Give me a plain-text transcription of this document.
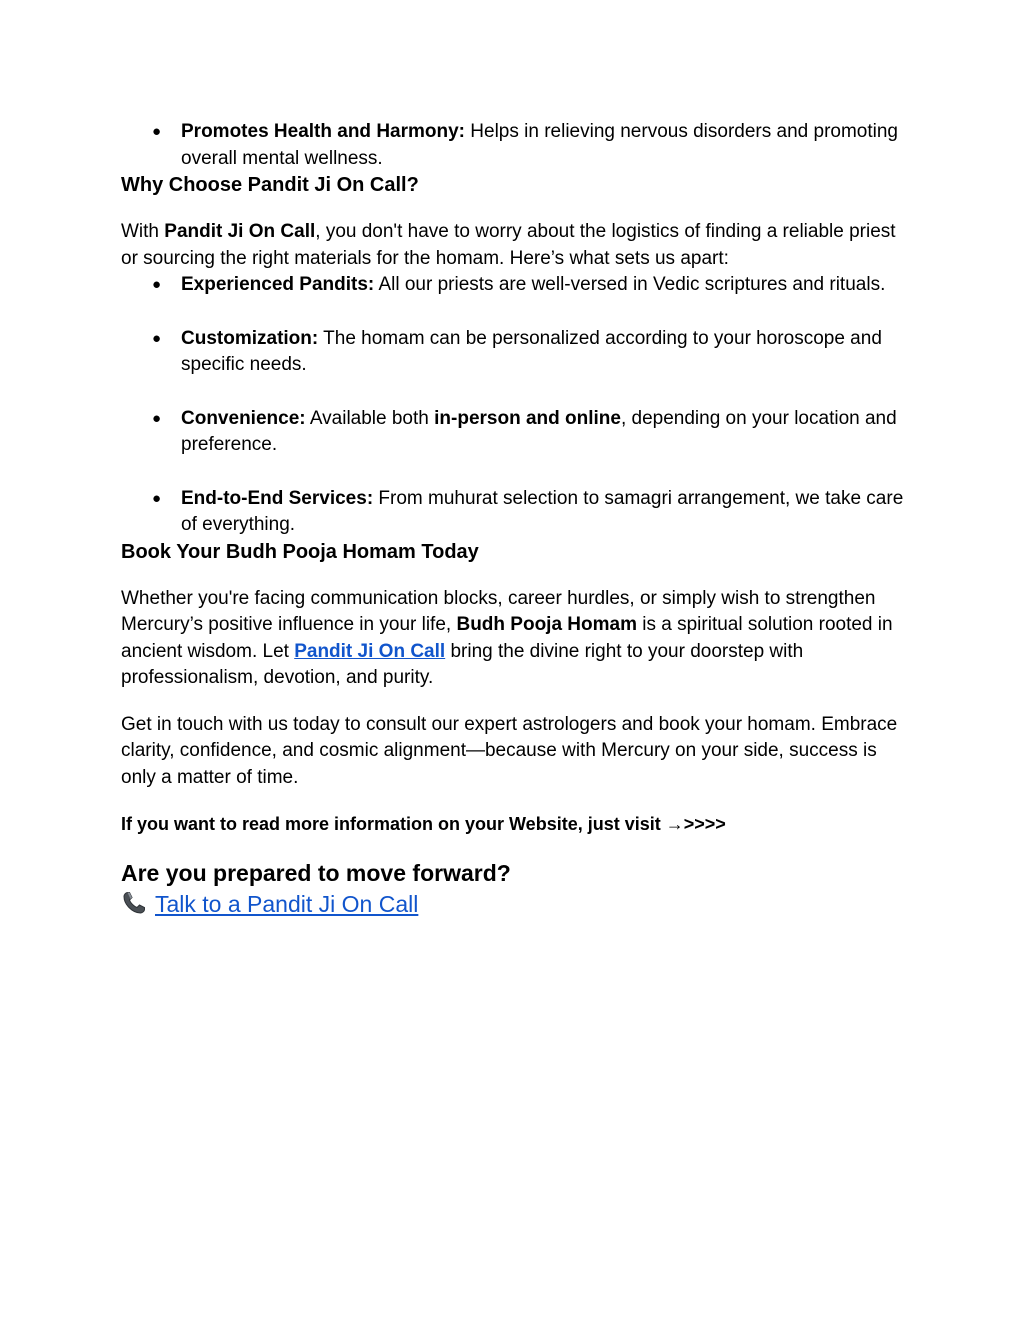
● Promotes Health and Harmony: Helps in relieving nervous disorders and promoting overall mental wellness.
Why Choose Pandit Ji On Call?

With Pandit Ji On Call, you don't have to worry about the logistics of finding a reliable priest or sourcing the right materials for the homam. Here’s what sets us apart:

● Experienced Pandits: All our priests are well-versed in Vedic scriptures and rituals.
● Customization: The homam can be personalized according to your horoscope and specific needs.
● Convenience: Available both in-person and online, depending on your location and preference.
● End-to-End Services: From muhurat selection to samagri arrangement, we take care of everything.
Book Your Budh Pooja Homam Today

Whether you're facing communication blocks, career hurdles, or simply wish to strengthen Mercury’s positive influence in your life, Budh Pooja Homam is a spiritual solution rooted in ancient wisdom. Let Pandit Ji On Call bring the divine right to your doorstep with professionalism, devotion, and purity.

Get in touch with us today to consult our expert astrologers and book your homam. Embrace clarity, confidence, and cosmic alignment—because with Mercury on your side, success is only a matter of time.

If you want to read more information on your Website, just visit →>>>>

Are you prepared to move forward?
Talk to a Pandit Ji On Call
